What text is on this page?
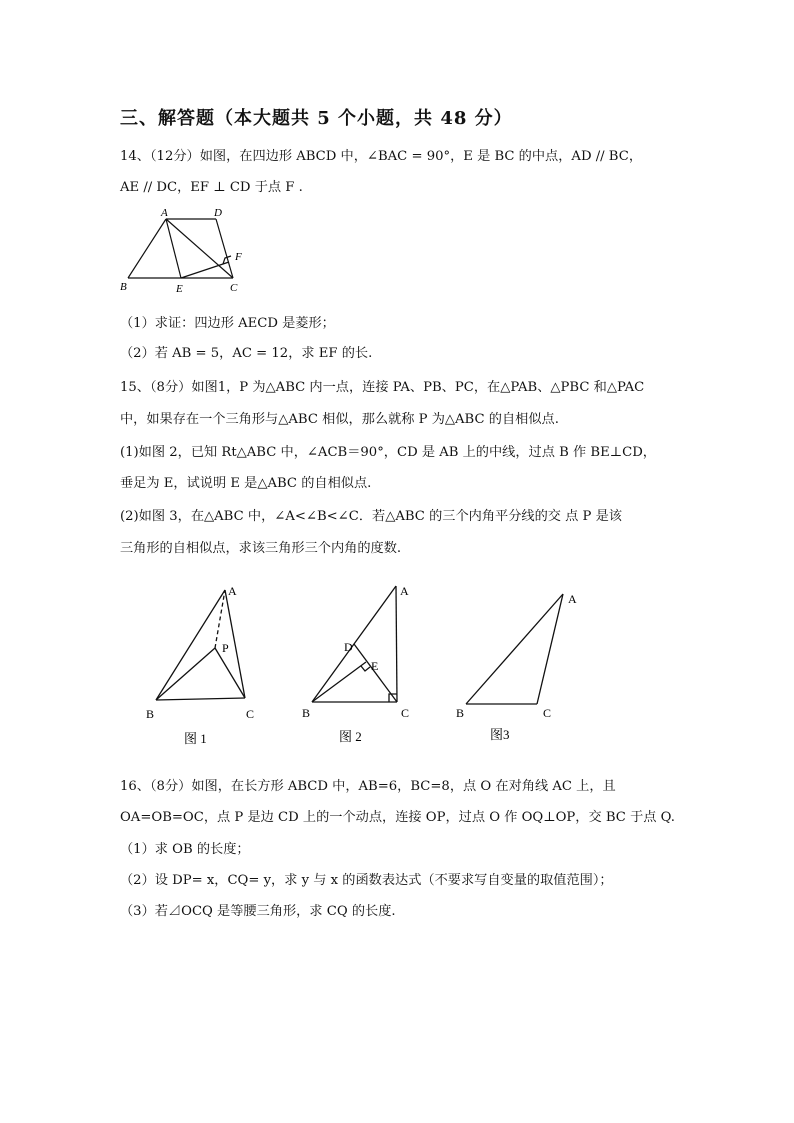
三、解答题（本大题共 5 个小题，共 48 分）
14、（12分）如图，在四边形 ABCD 中，∠BAC = 90°，E 是 BC 的中点，AD // BC，
AE // DC，EF ⊥ CD 于点 F .
A	D
F
B	E	C
（1）求证：四边形 AECD 是菱形；
（2）若 AB = 5，AC = 12，求 EF 的长.
15、（8分）如图1，P 为△ABC 内一点，连接 PA、PB、PC，在△PAB、△PBC 和△PAC
中，如果存在一个三角形与△ABC 相似，那么就称 P 为△ABC 的自相似点.
(1)如图 2，已知 Rt△ABC 中，∠ACB＝90°，CD 是 AB 上的中线，过点 B 作 BE⊥CD，
垂足为 E，试说明 E 是△ABC 的自相似点.
(2)如图 3，在△ABC 中，∠A<∠B<∠C．若△ABC 的三个内角平分线的交 点 P 是该
三角形的自相似点，求该三角形三个内角的度数.
A
P
B	C
图 1
A
D
E
B	C
图 2
A
B	C
图3
16、（8分）如图，在长方形 ABCD 中，AB=6，BC=8，点 O 在对角线 AC 上，且
OA=OB=OC，点 P 是边 CD 上的一个动点，连接 OP，过点 O 作 OQ⊥OP，交 BC 于点 Q.
（1）求 OB 的长度；
（2）设 DP= x，CQ= y，求 y 与 x 的函数表达式（不要求写自变量的取值范围）；
（3）若⊿OCQ 是等腰三角形，求 CQ 的长度.
